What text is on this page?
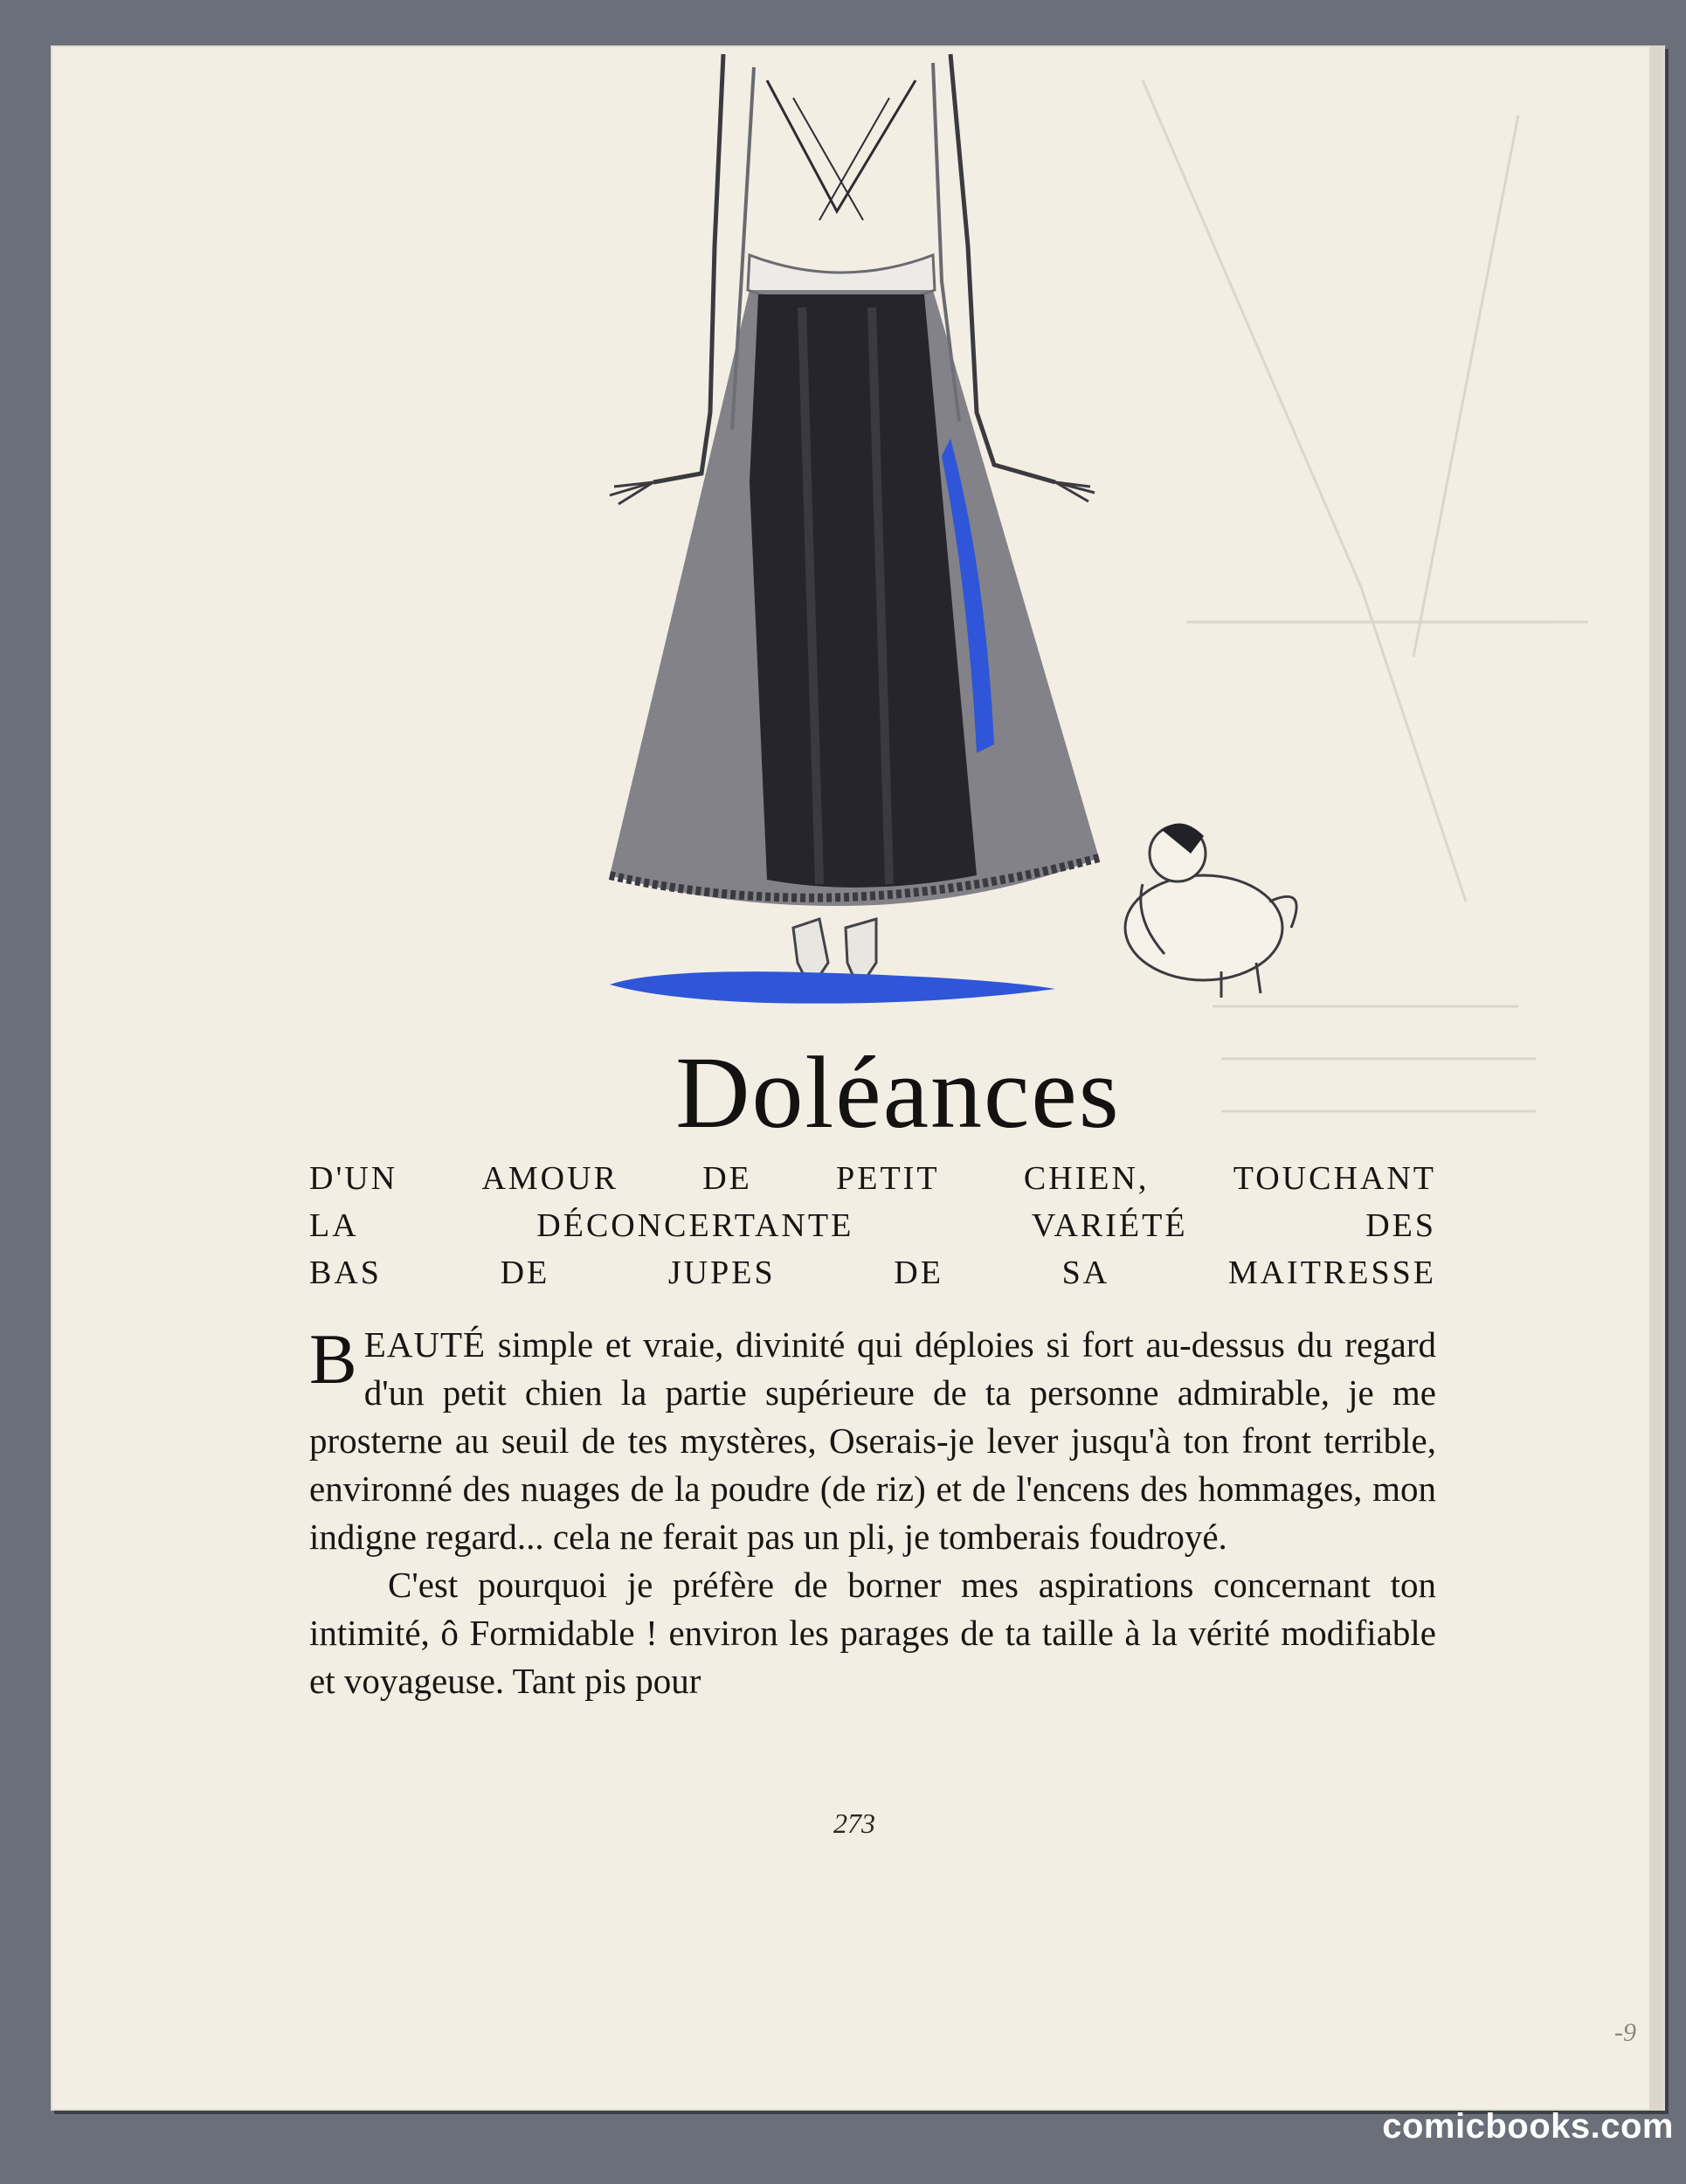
Doléances
D'UN	AMOUR	DE	PETIT	CHIEN,	TOUCHANT
LA	DÉCONCERTANTE	VARIÉTÉ	DES
BAS	DE	JUPES	DE	SA	MAITRESSE

BEAUTÉ simple et vraie, divinité qui déploies si fort au-dessus du regard d'un petit chien la partie supérieure de ta personne admirable, je me prosterne au seuil de tes mystères, Oserais-je lever jusqu'à ton front terrible, environné des nuages de la poudre (de riz) et de l'encens des hommages, mon indigne regard... cela ne ferait pas un pli, je tomberais foudroyé.

C'est pourquoi je préfère de borner mes aspirations concernant ton intimité, ô Formidable ! environ les parages de ta taille à la vérité modifiable et voyageuse. Tant pis pour

273
-9
comicbooks.com
